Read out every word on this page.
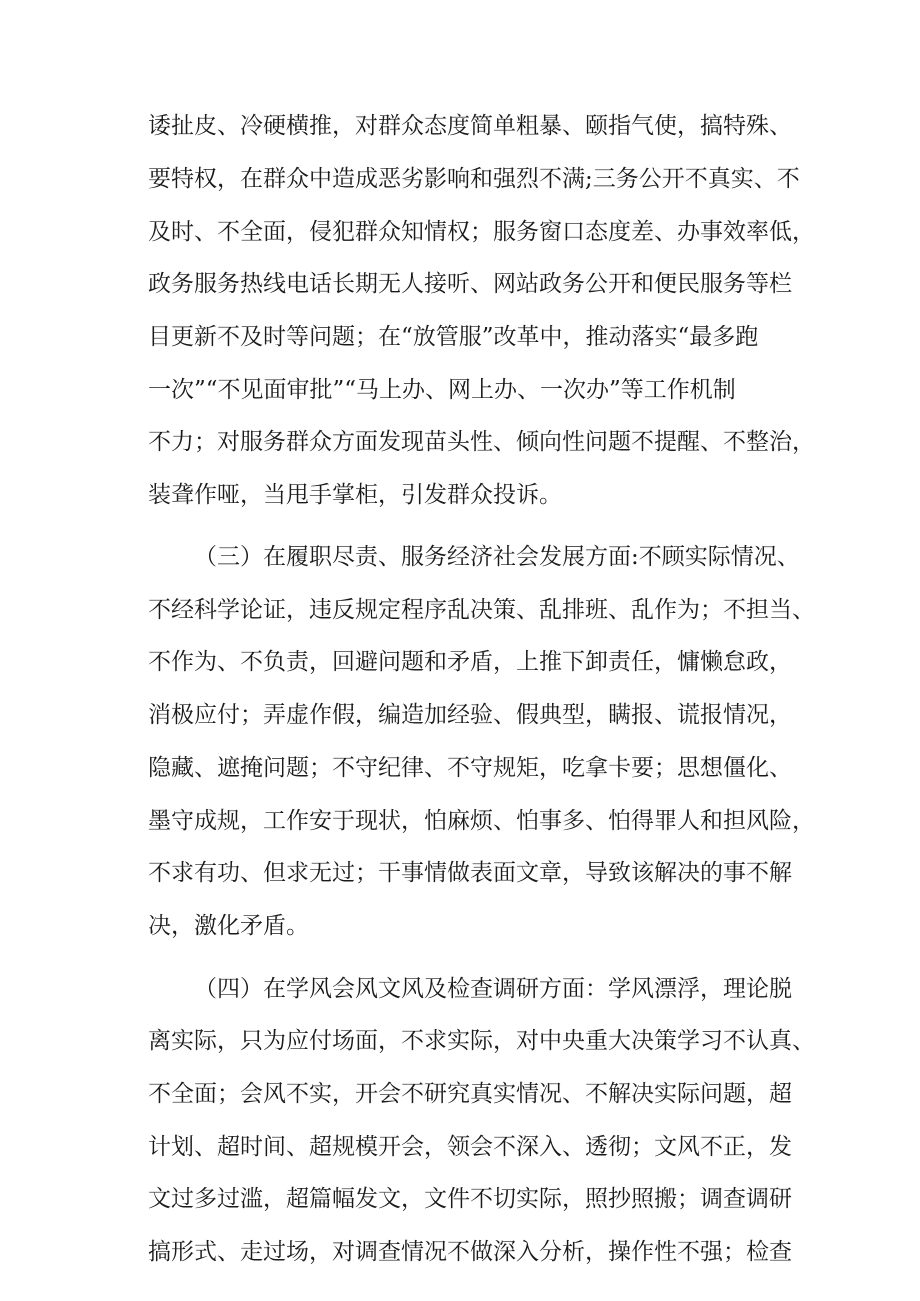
诿扯皮、冷硬横推，对群众态度简单粗暴、颐指气使，搞特殊、
要特权，在群众中造成恶劣影响和强烈不满;三务公开不真实、不
及时、不全面，侵犯群众知情权；服务窗口态度差、办事效率低，
政务服务热线电话长期无人接听、网站政务公开和便民服务等栏
目更新不及时等问题；在“放管服”改革中，推动落实“最多跑
一次”“不见面审批”“马上办、网上办、一次办”等工作机制
不力；对服务群众方面发现苗头性、倾向性问题不提醒、不整治，
装聋作哑，当甩手掌柜，引发群众投诉。
（三）在履职尽责、服务经济社会发展方面:不顾实际情况、
不经科学论证，违反规定程序乱决策、乱排班、乱作为；不担当、
不作为、不负责，回避问题和矛盾，上推下卸责任，慵懒怠政，
消极应付；弄虚作假，编造加经验、假典型，瞒报、谎报情况，
隐藏、遮掩问题；不守纪律、不守规矩，吃拿卡要；思想僵化、
墨守成规，工作安于现状，怕麻烦、怕事多、怕得罪人和担风险，
不求有功、但求无过；干事情做表面文章，导致该解决的事不解
决，激化矛盾。
（四）在学风会风文风及检查调研方面：学风漂浮，理论脱
离实际，只为应付场面，不求实际，对中央重大决策学习不认真、
不全面；会风不实，开会不研究真实情况、不解决实际问题，超
计划、超时间、超规模开会，领会不深入、透彻；文风不正，发
文过多过滥，超篇幅发文，文件不切实际，照抄照搬；调查调研
搞形式、走过场，对调查情况不做深入分析，操作性不强；检查
